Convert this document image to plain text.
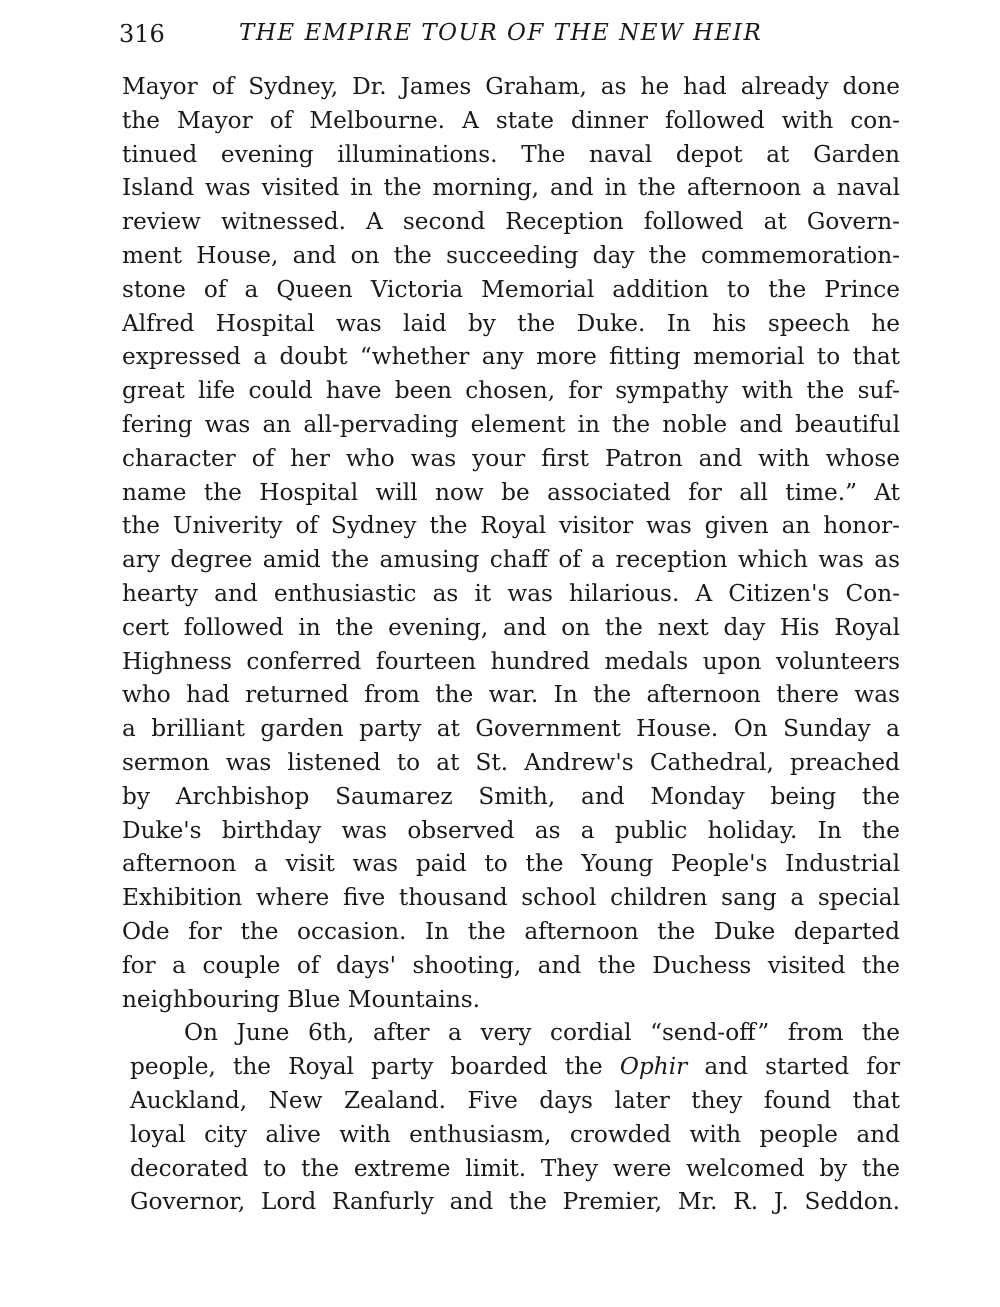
316	THE EMPIRE TOUR OF THE NEW HEIR
Mayor of Sydney, Dr. James Graham, as he had already done
the Mayor of Melbourne. A state dinner followed with con-
tinued evening illuminations. The naval depot at Garden
Island was visited in the morning, and in the afternoon a naval
review witnessed. A second Reception followed at Govern-
ment House, and on the succeeding day the commemoration-
stone of a Queen Victoria Memorial addition to the Prince
Alfred Hospital was laid by the Duke. In his speech he
expressed a doubt “whether any more fitting memorial to that
great life could have been chosen, for sympathy with the suf-
fering was an all-pervading element in the noble and beautiful
character of her who was your first Patron and with whose
name the Hospital will now be associated for all time.” At
the Univerity of Sydney the Royal visitor was given an honor-
ary degree amid the amusing chaff of a reception which was as
hearty and enthusiastic as it was hilarious. A Citizen's Con-
cert followed in the evening, and on the next day His Royal
Highness conferred fourteen hundred medals upon volunteers
who had returned from the war. In the afternoon there was
a brilliant garden party at Government House. On Sunday a
sermon was listened to at St. Andrew's Cathedral, preached
by Archbishop Saumarez Smith, and Monday being the
Duke's birthday was observed as a public holiday. In the
afternoon a visit was paid to the Young People's Industrial
Exhibition where five thousand school children sang a special
Ode for the occasion. In the afternoon the Duke departed
for a couple of days' shooting, and the Duchess visited the
neighbouring Blue Mountains.
On June 6th, after a very cordial “send-off” from the
people, the Royal party boarded the Ophir and started for
Auckland, New Zealand. Five days later they found that
loyal city alive with enthusiasm, crowded with people and
decorated to the extreme limit. They were welcomed by the
Governor, Lord Ranfurly and the Premier, Mr. R. J. Seddon.
